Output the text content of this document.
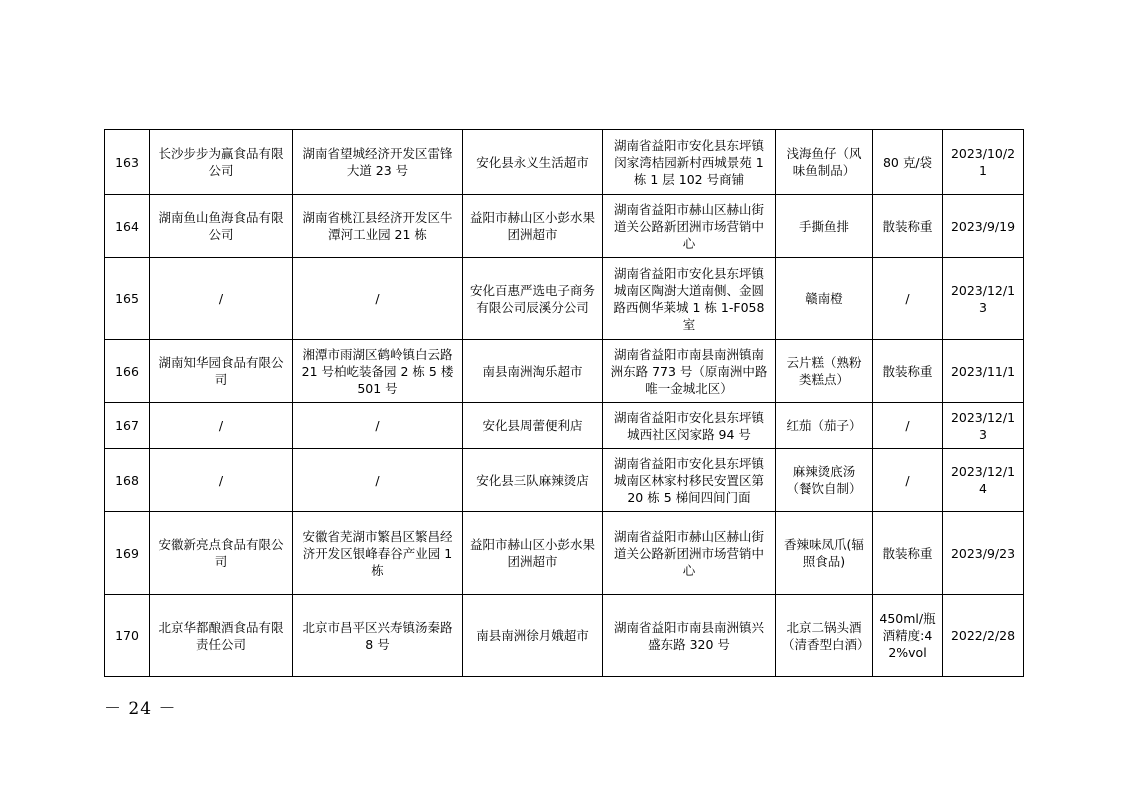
163	长沙步步为赢食品有限公司	湖南省望城经济开发区雷锋大道 23 号	安化县永义生活超市	湖南省益阳市安化县东坪镇闵家湾桔园新村西城景苑 1 栋 1 层 102 号商铺	浅海鱼仔（风味鱼制品）	80 克/袋	2023/10/21
164	湖南鱼山鱼海食品有限公司	湖南省桃江县经济开发区牛潭河工业园 21 栋	益阳市赫山区小彭水果团洲超市	湖南省益阳市赫山区赫山街道关公路新团洲市场营销中心	手撕鱼排	散装称重	2023/9/19
165	/	/	安化百惠严选电子商务有限公司辰溪分公司	湖南省益阳市安化县东坪镇城南区陶澍大道南侧、金圆路西侧华莱城 1 栋 1-F058 室	赣南橙	/	2023/12/13
166	湖南知华园食品有限公司	湘潭市雨湖区鹤岭镇白云路 21 号柏屹装备园 2 栋 5 楼 501 号	南县南洲淘乐超市	湖南省益阳市南县南洲镇南洲东路 773 号（原南洲中路唯一金城北区）	云片糕（熟粉类糕点）	散装称重	2023/11/1
167	/	/	安化县周蕾便利店	湖南省益阳市安化县东坪镇城西社区闵家路 94 号	红茄（茄子）	/	2023/12/13
168	/	/	安化县三队麻辣烫店	湖南省益阳市安化县东坪镇城南区林家村移民安置区第 20 栋 5 梯间四间门面	麻辣烫底汤（餐饮自制）	/	2023/12/14
169	安徽新亮点食品有限公司	安徽省芜湖市繁昌区繁昌经济开发区银峰春谷产业园 1 栋	益阳市赫山区小彭水果团洲超市	湖南省益阳市赫山区赫山街道关公路新团洲市场营销中心	香辣味凤爪(辐照食品)	散装称重	2023/9/23
170	北京华都酿酒食品有限责任公司	北京市昌平区兴寿镇汤秦路 8 号	南县南洲徐月娥超市	湖南省益阳市南县南洲镇兴盛东路 320 号	北京二锅头酒（清香型白酒）	450ml/瓶 酒精度:42%vol	2022/2/28
－ 24 －
